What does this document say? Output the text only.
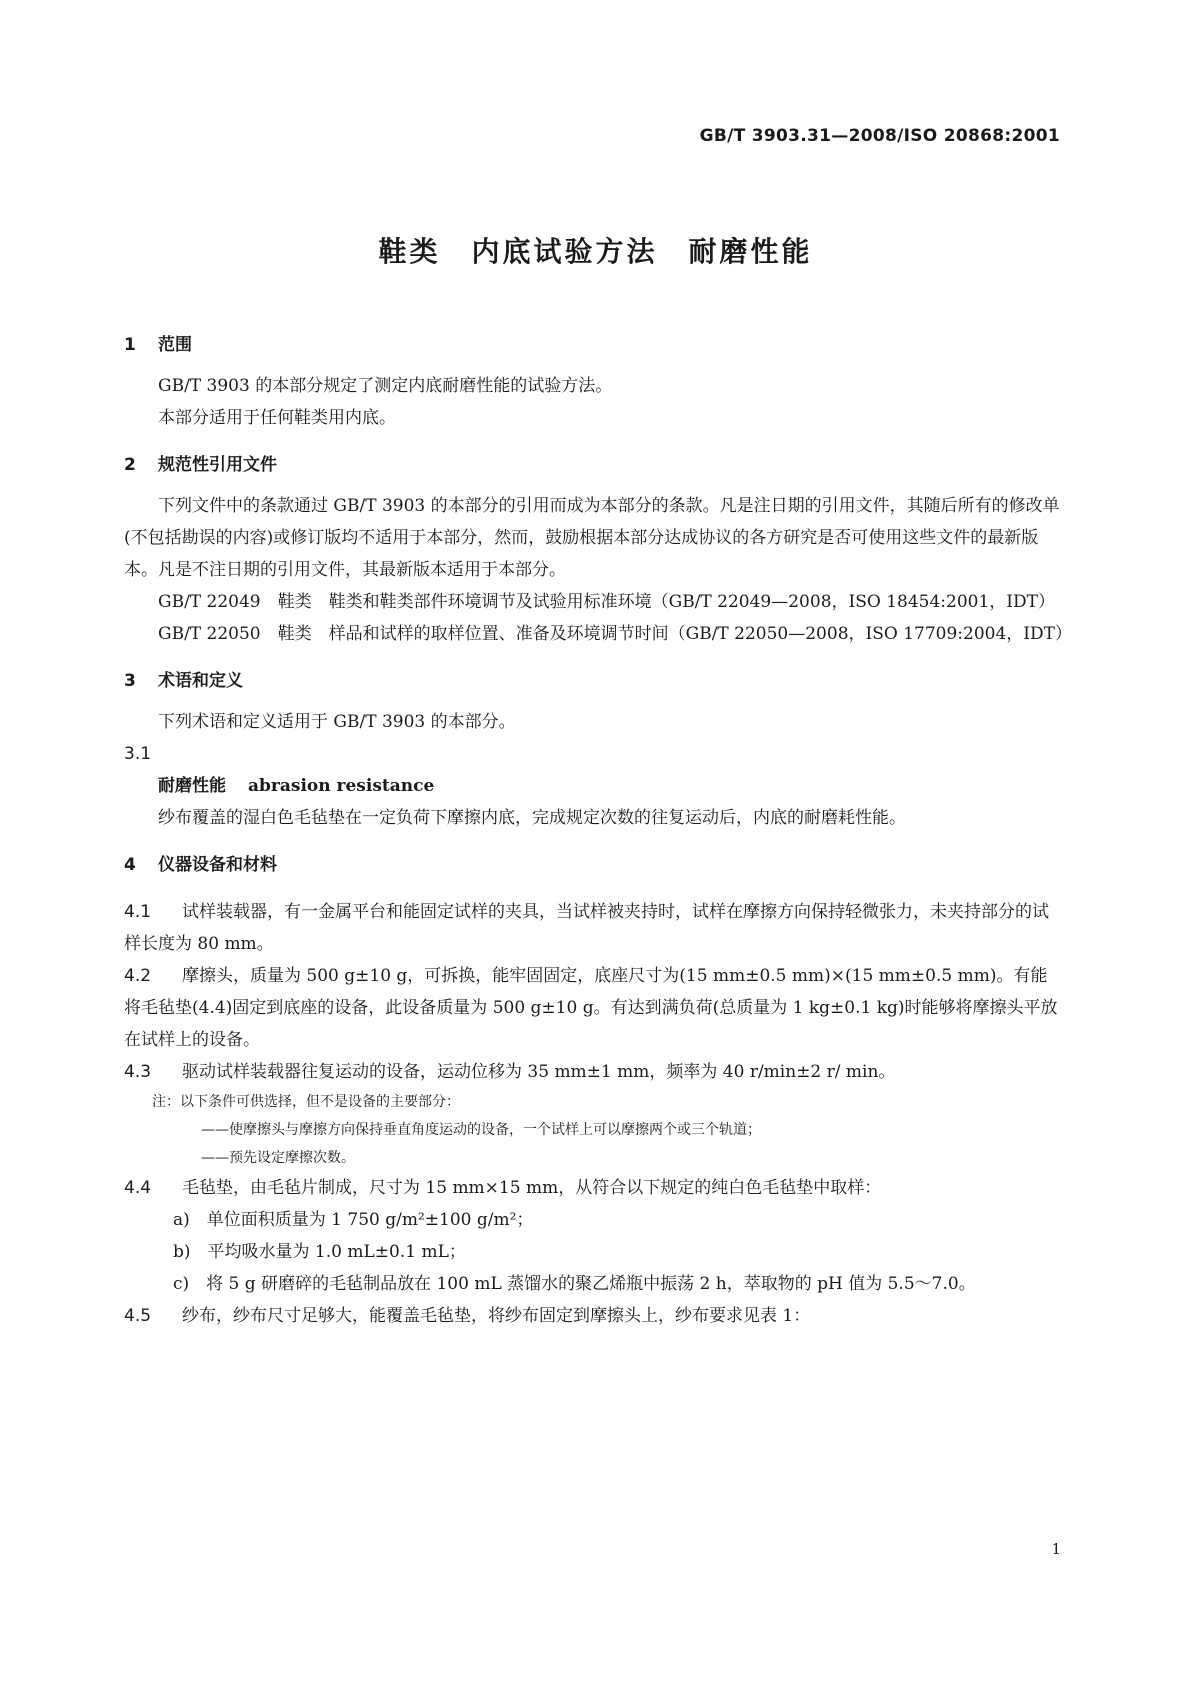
GB/T 3903.31—2008/ISO 20868:2001
鞋类　内底试验方法　耐磨性能

1 范围

GB/T 3903 的本部分规定了测定内底耐磨性能的试验方法。

本部分适用于任何鞋类用内底。

2 规范性引用文件

下列文件中的条款通过 GB/T 3903 的本部分的引用而成为本部分的条款。凡是注日期的引用文件，其随后所有的修改单(不包括勘误的内容)或修订版均不适用于本部分，然而，鼓励根据本部分达成协议的各方研究是否可使用这些文件的最新版本。凡是不注日期的引用文件，其最新版本适用于本部分。

GB/T 22049　鞋类　鞋类和鞋类部件环境调节及试验用标准环境（GB/T 22049—2008，ISO 18454:2001，IDT）

GB/T 22050　鞋类　样品和试样的取样位置、准备及环境调节时间（GB/T 22050—2008，ISO 17709:2004，IDT）

3 术语和定义

下列术语和定义适用于 GB/T 3903 的本部分。

3.1

耐磨性能 abrasion resistance

纱布覆盖的湿白色毛毡垫在一定负荷下摩擦内底，完成规定次数的往复运动后，内底的耐磨耗性能。

4 仪器设备和材料

4.1 试样装载器，有一金属平台和能固定试样的夹具，当试样被夹持时，试样在摩擦方向保持轻微张力，未夹持部分的试样长度为 80 mm。

4.2 摩擦头，质量为 500 g±10 g，可拆换，能牢固固定，底座尺寸为(15 mm±0.5 mm)×(15 mm±0.5 mm)。有能将毛毡垫(4.4)固定到底座的设备，此设备质量为 500 g±10 g。有达到满负荷(总质量为 1 kg±0.1 kg)时能够将摩擦头平放在试样上的设备。

4.3 驱动试样装载器往复运动的设备，运动位移为 35 mm±1 mm，频率为 40 r/min±2 r/ min。

注：以下条件可供选择，但不是设备的主要部分：

——使摩擦头与摩擦方向保持垂直角度运动的设备，一个试样上可以摩擦两个或三个轨道；

——预先设定摩擦次数。

4.4 毛毡垫，由毛毡片制成，尺寸为 15 mm×15 mm，从符合以下规定的纯白色毛毡垫中取样：

a)　单位面积质量为 1 750 g/m²±100 g/m²；

b)　平均吸水量为 1.0 mL±0.1 mL；

c)　将 5 g 研磨碎的毛毡制品放在 100 mL 蒸馏水的聚乙烯瓶中振荡 2 h，萃取物的 pH 值为 5.5～7.0。

4.5 纱布，纱布尺寸足够大，能覆盖毛毡垫，将纱布固定到摩擦头上，纱布要求见表 1：

1
